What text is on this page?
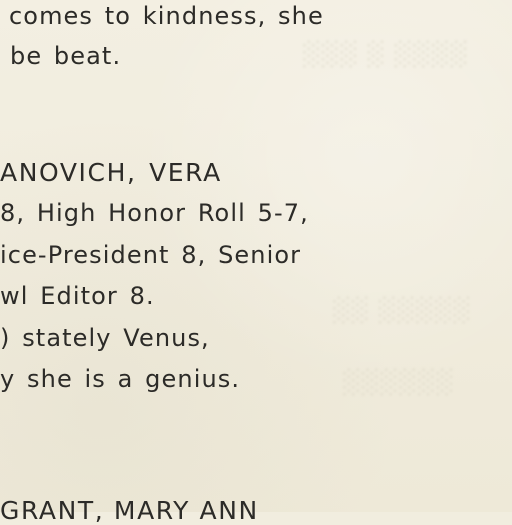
░░░░ ░ ░░░
░░░░░ ░░
░░░░░░
comes to kindness, she
be beat.
ANOVICH, VERA
8, High Honor Roll 5-7,
ice-President 8, Senior
wl Editor 8.
) stately Venus,
y she is a genius.
GRANT, MARY ANN
